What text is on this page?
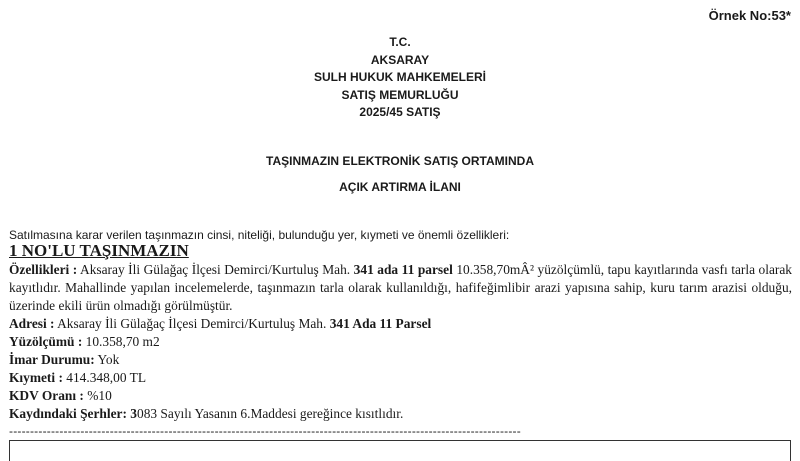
Örnek No:53*
T.C.
AKSARAY
SULH HUKUK MAHKEMELERİ
SATIŞ MEMURLUĞU
2025/45 SATIŞ
TAŞINMAZIN ELEKTRONİK SATIŞ ORTAMINDA
AÇIK ARTIRMA İLANI
Satılmasına karar verilen taşınmazın cinsi, niteliği, bulunduğu yer, kıymeti ve önemli özellikleri:

1 NO'LU TAŞINMAZIN

Özellikleri : Aksaray İli Gülağaç İlçesi Demirci/Kurtuluş Mah. 341 ada 11 parsel 10.358,70mÂ² yüzölçümlü, tapu kayıtlarında vasfı tarla olarak kayıtlıdır. Mahallinde yapılan incelemelerde, taşınmazın tarla olarak kullanıldığı, hafifeğimlibir arazi yapısına sahip, kuru tarım arazisi olduğu, üzerinde ekili ürün olmadığı görülmüştür.

Adresi : Aksaray İli Gülağaç İlçesi Demirci/Kurtuluş Mah. 341 Ada 11 Parsel

Yüzölçümü : 10.358,70 m2

İmar Durumu: Yok

Kıymeti : 414.348,00 TL

KDV Oranı : %10

Kaydındaki Şerhler: 3083 Sayılı Yasanın 6.Maddesi gereğince kısıtlıdır.

--------------------------------------------------------------------------------------------------------------------------
